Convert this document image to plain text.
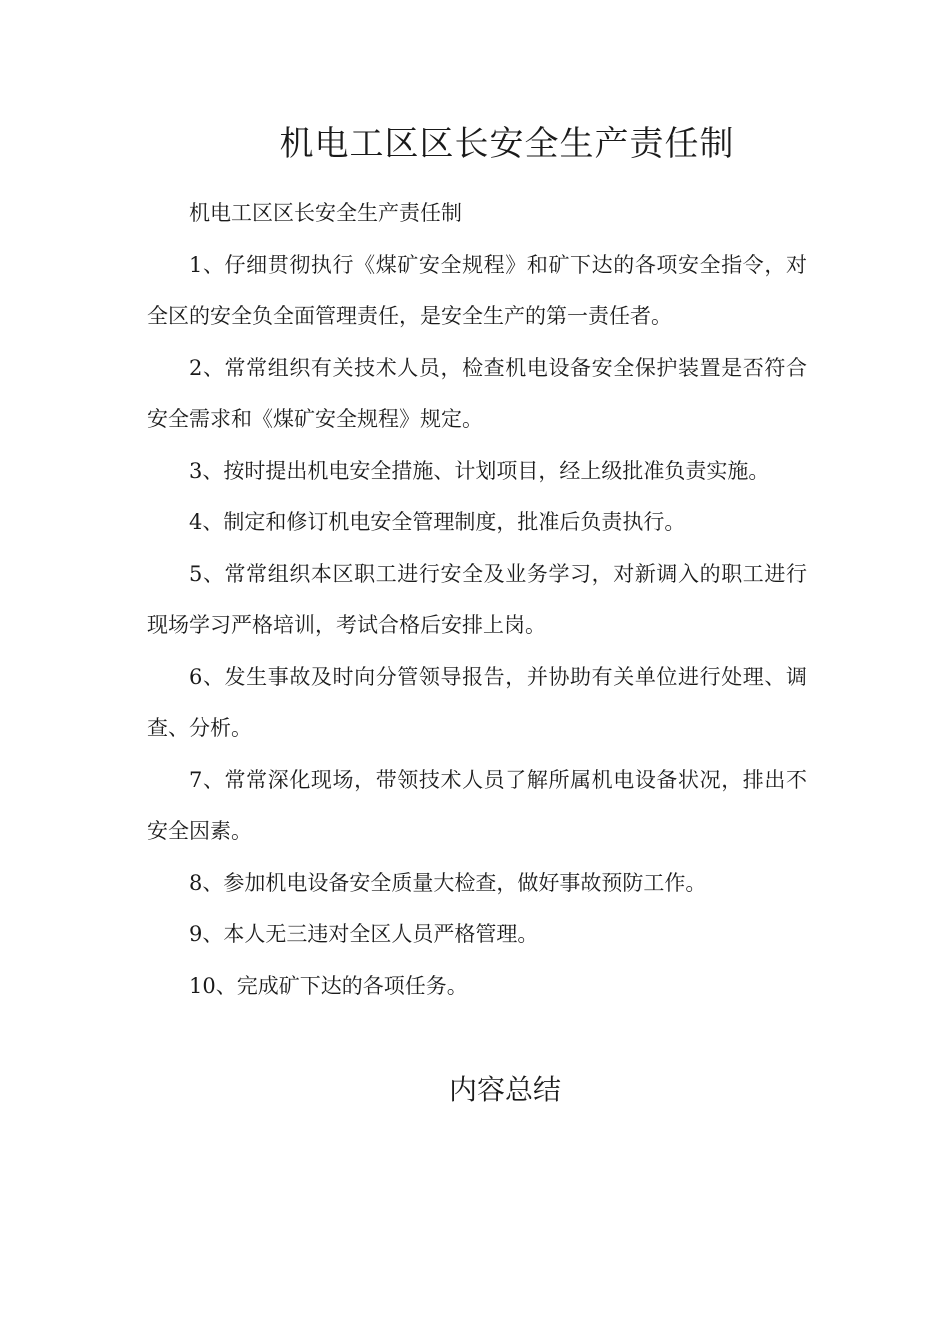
机电工区区长安全生产责任制

机电工区区长安全生产责任制

1、仔细贯彻执行《煤矿安全规程》和矿下达的各项安全指令，对全区的安全负全面管理责任，是安全生产的第一责任者。

2、常常组织有关技术人员，检查机电设备安全保护装置是否符合安全需求和《煤矿安全规程》规定。

3、按时提出机电安全措施、计划项目，经上级批准负责实施。

4、制定和修订机电安全管理制度，批准后负责执行。

5、常常组织本区职工进行安全及业务学习，对新调入的职工进行现场学习严格培训，考试合格后安排上岗。

6、发生事故及时向分管领导报告，并协助有关单位进行处理、调查、分析。

7、常常深化现场，带领技术人员了解所属机电设备状况，排出不安全因素。

8、参加机电设备安全质量大检查，做好事故预防工作。

9、本人无三违对全区人员严格管理。

10、完成矿下达的各项任务。

内容总结
